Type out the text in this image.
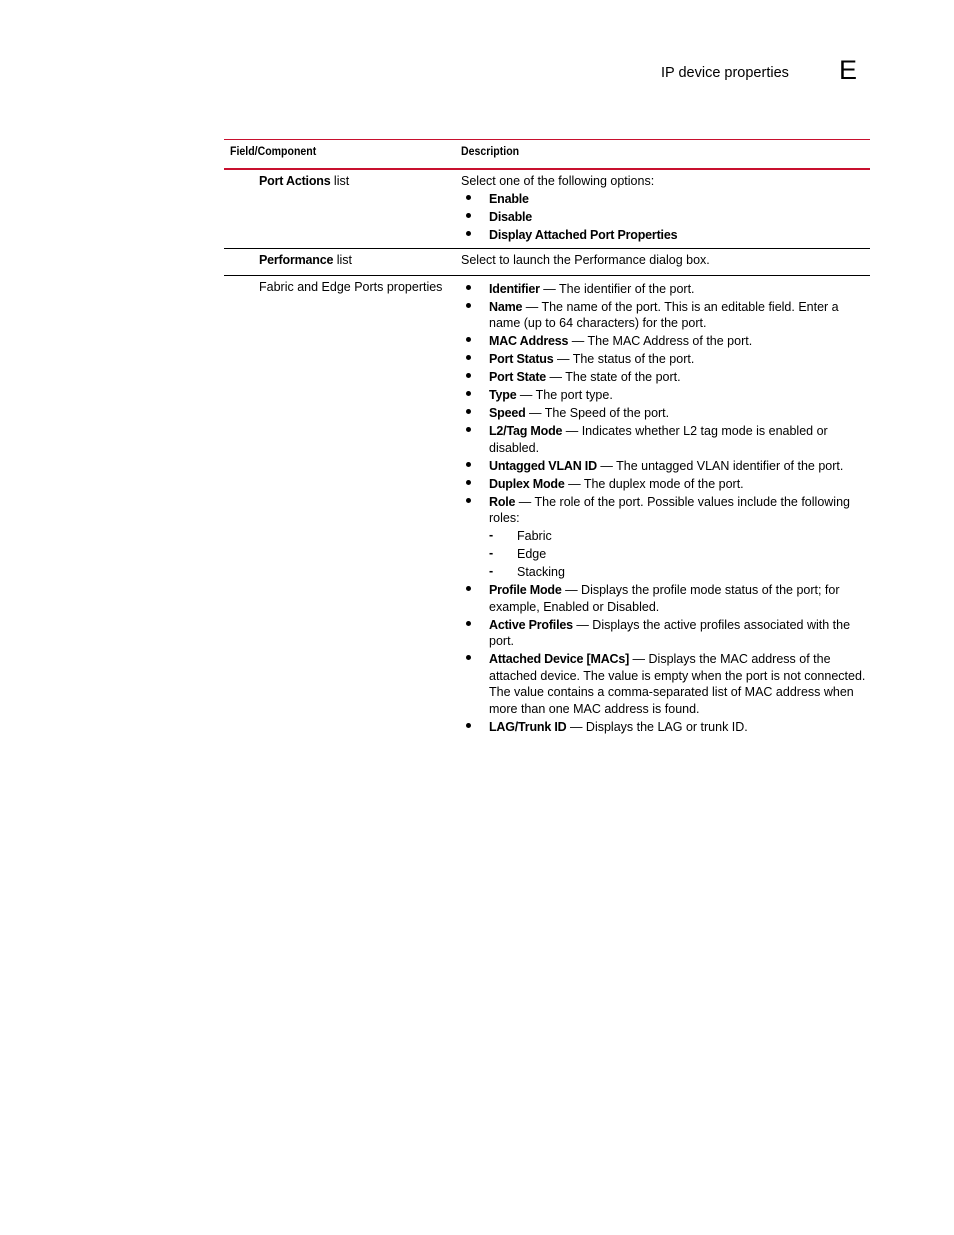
IP device properties E
Field/Component	Description
Port Actions list	Select one of the following options:
Enable
Disable
Display Attached Port Properties
Performance list	Select to launch the Performance dialog box.
Fabric and Edge Ports properties	Identifier — The identifier of the port.
Name — The name of the port. This is an editable field. Enter a name (up to 64 characters) for the port.
MAC Address — The MAC Address of the port.
Port Status — The status of the port.
Port State — The state of the port.
Type — The port type.
Speed — The Speed of the port.
L2/Tag Mode — Indicates whether L2 tag mode is enabled or disabled.
Untagged VLAN ID — The untagged VLAN identifier of the port.
Duplex Mode — The duplex mode of the port.
Role — The role of the port. Possible values include the following roles:
- Fabric
- Edge
- Stacking
Profile Mode — Displays the profile mode status of the port; for example, Enabled or Disabled.
Active Profiles — Displays the active profiles associated with the port.
Attached Device [MACs] — Displays the MAC address of the attached device. The value is empty when the port is not connected. The value contains a comma-separated list of MAC address when more than one MAC address is found.
LAG/Trunk ID — Displays the LAG or trunk ID.
